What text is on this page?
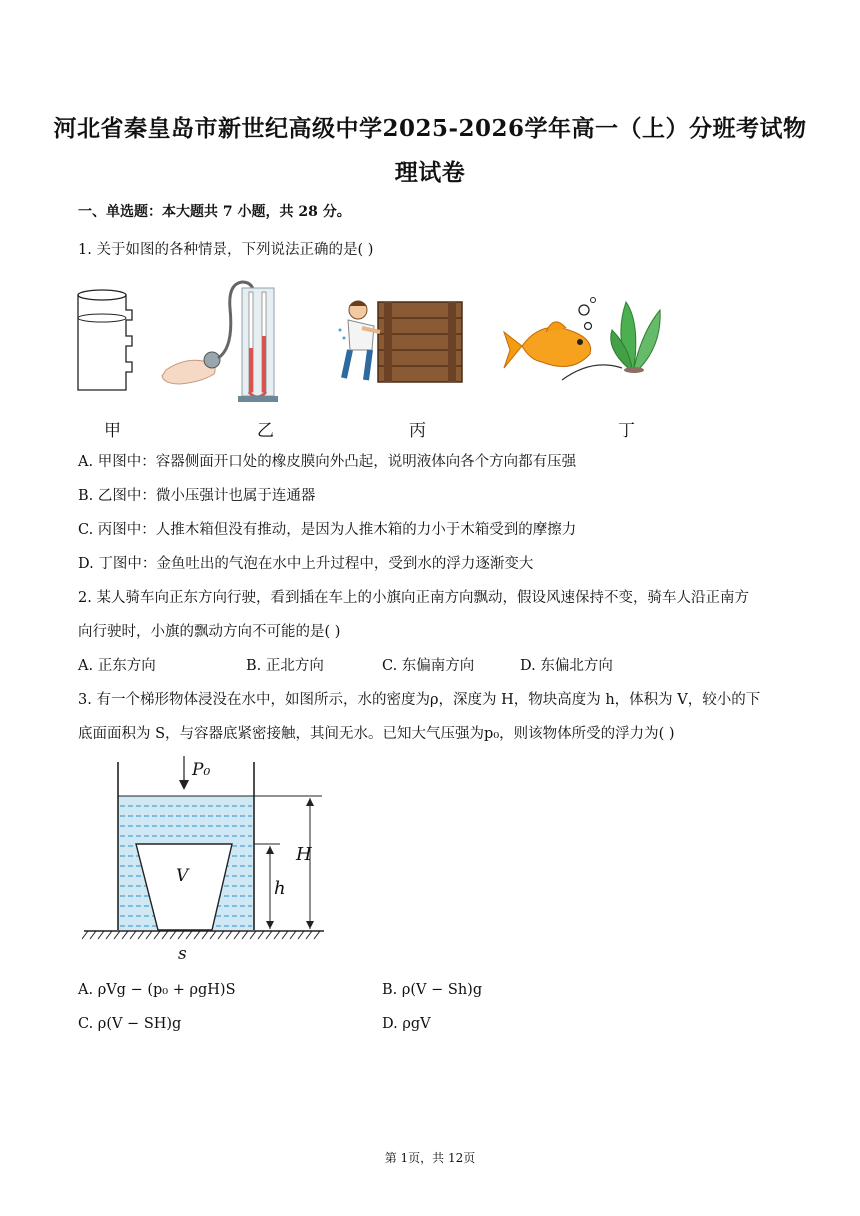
河北省秦皇岛市新世纪高级中学2025-2026学年高一（上）分班考试物
理试卷
一、单选题：本大题共 7 小题，共 28 分。
1. 关于如图的各种情景，下列说法正确的是( )
甲	乙	丙	丁
A. 甲图中：容器侧面开口处的橡皮膜向外凸起，说明液体向各个方向都有压强
B. 乙图中：微小压强计也属于连通器
C. 丙图中：人推木箱但没有推动，是因为人推木箱的力小于木箱受到的摩擦力
D. 丁图中：金鱼吐出的气泡在水中上升过程中，受到水的浮力逐渐变大
2. 某人骑车向正东方向行驶，看到插在车上的小旗向正南方向飘动，假设风速保持不变，骑车人沿正南方
向行驶时，小旗的飘动方向不可能的是( )
A. 正东方向	B. 正北方向	C. 东偏南方向	D. 东偏北方向
3. 有一个梯形物体浸没在水中，如图所示，水的密度为ρ，深度为 H，物块高度为 h，体积为 V，较小的下
底面面积为 S，与容器底紧密接触，其间无水。已知大气压强为p₀，则该物体所受的浮力为( )
P₀
V
H
h
s
A. ρVg − (p₀ + ρgH)S	B. ρ(V − Sh)g
C. ρ(V − SH)g	D. ρgV
第 1页，共 12页
